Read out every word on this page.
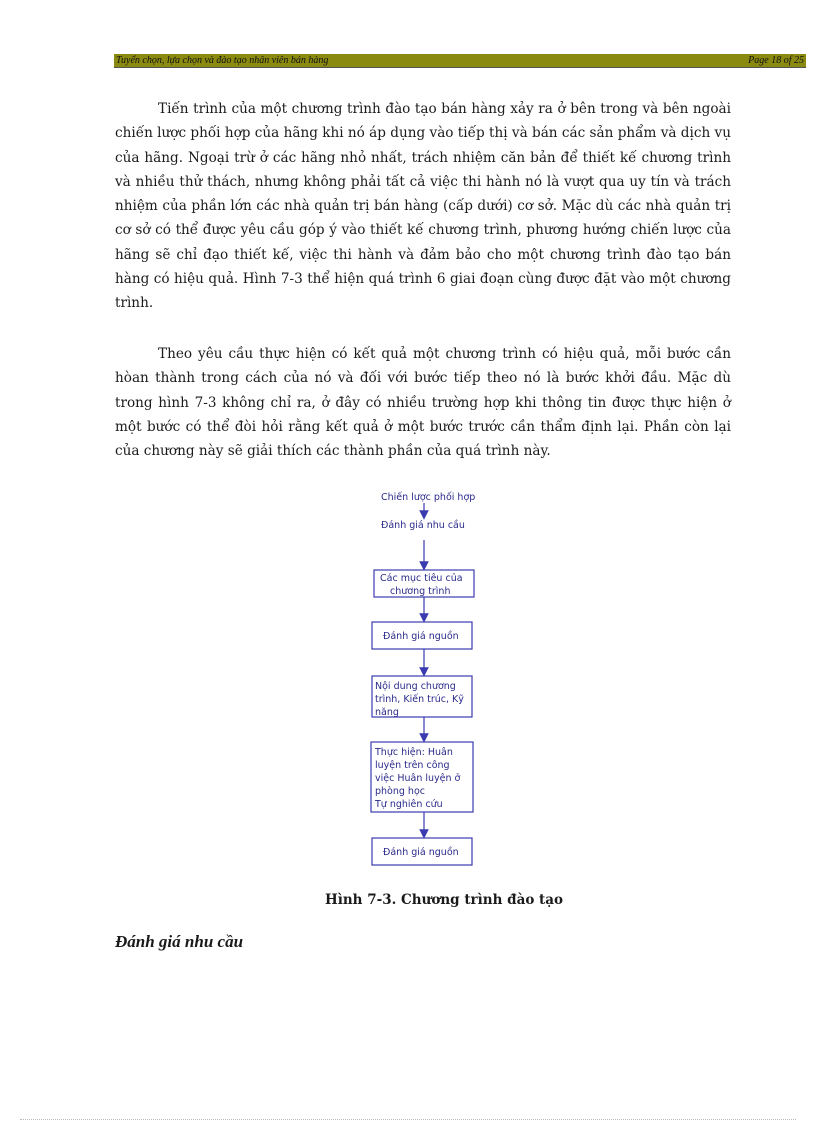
Tuyển chọn, lựa chọn và đào tạo nhân viên bán hàng	Page 18 of 25

Tiến trình của một chương trình đào tạo bán hàng xảy ra ở bên trong và bên ngoài chiến lược phối hợp của hãng khi nó áp dụng vào tiếp thị và bán các sản phẩm và dịch vụ của hãng. Ngoại trừ ở các hãng nhỏ nhất, trách nhiệm căn bản để thiết kế chương trình và nhiều thử thách, nhưng không phải tất cả việc thi hành nó là vượt qua uy tín và trách nhiệm của phần lớn các nhà quản trị bán hàng (cấp dưới) cơ sở. Mặc dù các nhà quản trị cơ sở có thể được yêu cầu góp ý vào thiết kế chương trình, phương hướng chiến lược của hãng sẽ chỉ đạo thiết kế, việc thi hành và đảm bảo cho một chương trình đào tạo bán hàng có hiệu quả. Hình 7-3 thể hiện quá trình 6 giai đoạn cùng được đặt vào một chương trình.

Theo yêu cầu thực hiện có kết quả một chương trình có hiệu quả, mỗi bước cần hòan thành trong cách của nó và đối với bước tiếp theo nó là bước khởi đầu. Mặc dù trong hình 7-3 không chỉ ra, ở đây có nhiều trường hợp khi thông tin được thực hiện ở một bước có thể đòi hỏi rằng kết quả ở một bước trước cần thẩm định lại. Phần còn lại của chương này sẽ giải thích các thành phần của quá trình này.

Chiến lược phối hợp
Đánh giá nhu cầu
Các mục tiêu của
chương trình
Đánh giá nguồn
Nội dung chương
trình, Kiến trúc, Kỹ
năng
Thực hiện: Huân
luyện trên công
việc Huân luyện ở
phòng học
Tự nghiên cứu
Đánh giá nguồn
Hình 7-3. Chương trình đào tạo
Đánh giá nhu cầu
